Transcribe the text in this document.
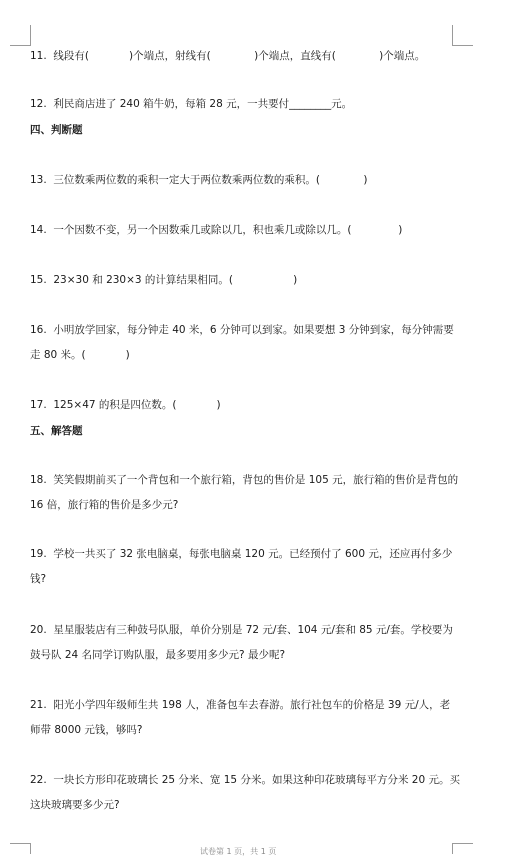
11.  线段有(            )个端点，射线有(             )个端点，直线有(             )个端点。
12.  利民商店进了 240 箱牛奶，每箱 28 元，一共要付________元。
四、判断题
13.  三位数乘两位数的乘积一定大于两位数乘两位数的乘积。(             )
14.  一个因数不变，另一个因数乘几或除以几，积也乘几或除以几。(              )
15.  23×30 和 230×3 的计算结果相同。(                  )
16.  小明放学回家，每分钟走 40 米，6 分钟可以到家。如果要想 3 分钟到家，每分钟需要走 80 米。(            )
17.  125×47 的积是四位数。(            )
五、解答题
18.  笑笑假期前买了一个背包和一个旅行箱，背包的售价是 105 元，旅行箱的售价是背包的 16 倍，旅行箱的售价是多少元?
19.  学校一共买了 32 张电脑桌，每张电脑桌 120 元。已经预付了 600 元，还应再付多少钱?
20.  星星服装店有三种鼓号队服，单价分别是 72 元/套、104 元/套和 85 元/套。学校要为鼓号队 24 名同学订购队服，最多要用多少元? 最少呢?
21.  阳光小学四年级师生共 198 人，准备包车去春游。旅行社包车的价格是 39 元/人，老师带 8000 元钱，够吗?
22.  一块长方形印花玻璃长 25 分米、宽 15 分米。如果这种印花玻璃每平方分米 20 元。买这块玻璃要多少元?
试卷第 1 页，共 1 页
